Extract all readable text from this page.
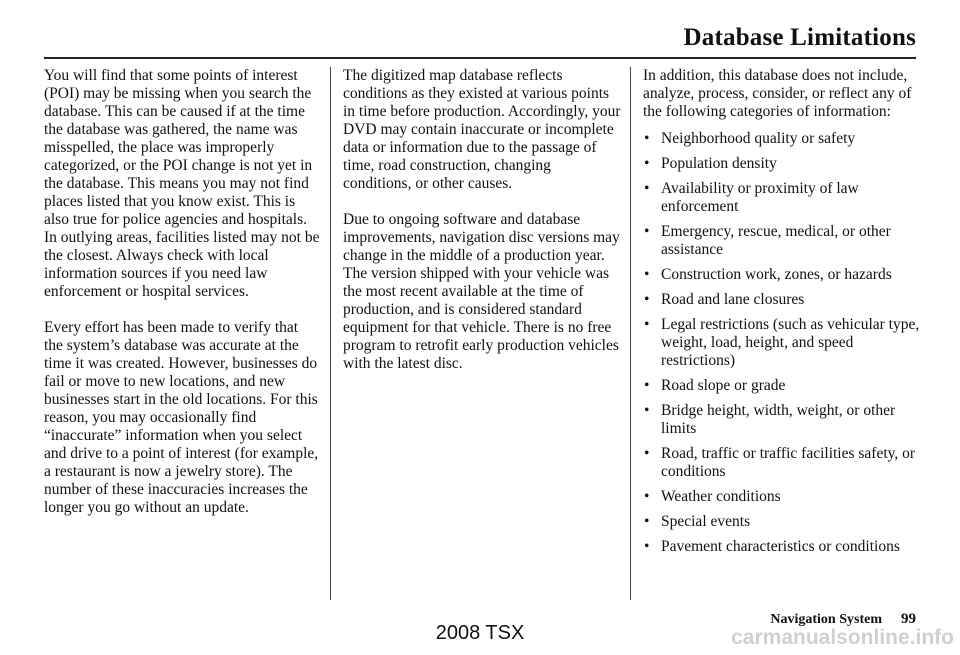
Database Limitations

You will find that some points of interest (POI) may be missing when you search the database. This can be caused if at the time the database was gathered, the name was misspelled, the place was improperly categorized, or the POI change is not yet in the database. This means you may not find places listed that you know exist. This is also true for police agencies and hospitals. In outlying areas, facilities listed may not be the closest. Always check with local information sources if you need law enforcement or hospital services.

Every effort has been made to verify that the system’s database was accurate at the time it was created. However, businesses do fail or move to new locations, and new businesses start in the old locations. For this reason, you may occasionally find “inaccurate” information when you select and drive to a point of interest (for example, a restaurant is now a jewelry store). The number of these inaccuracies increases the longer you go without an update.

The digitized map database reflects conditions as they existed at various points in time before production. Accordingly, your DVD may contain inaccurate or incomplete data or information due to the passage of time, road construction, changing conditions, or other causes.

Due to ongoing software and database improvements, navigation disc versions may change in the middle of a production year. The version shipped with your vehicle was the most recent available at the time of production, and is considered standard equipment for that vehicle. There is no free program to retrofit early production vehicles with the latest disc.

In addition, this database does not include, analyze, process, consider, or reflect any of the following categories of information:

• Neighborhood quality or safety
• Population density
• Availability or proximity of law enforcement
• Emergency, rescue, medical, or other assistance
• Construction work, zones, or hazards
• Road and lane closures
• Legal restrictions (such as vehicular type, weight, load, height, and speed restrictions)
• Road slope or grade
• Bridge height, width, weight, or other limits
• Road, traffic or traffic facilities safety, or conditions
• Weather conditions
• Special events
• Pavement characteristics or conditions
Navigation System 99
2008 TSX	carmanualsonline.info
